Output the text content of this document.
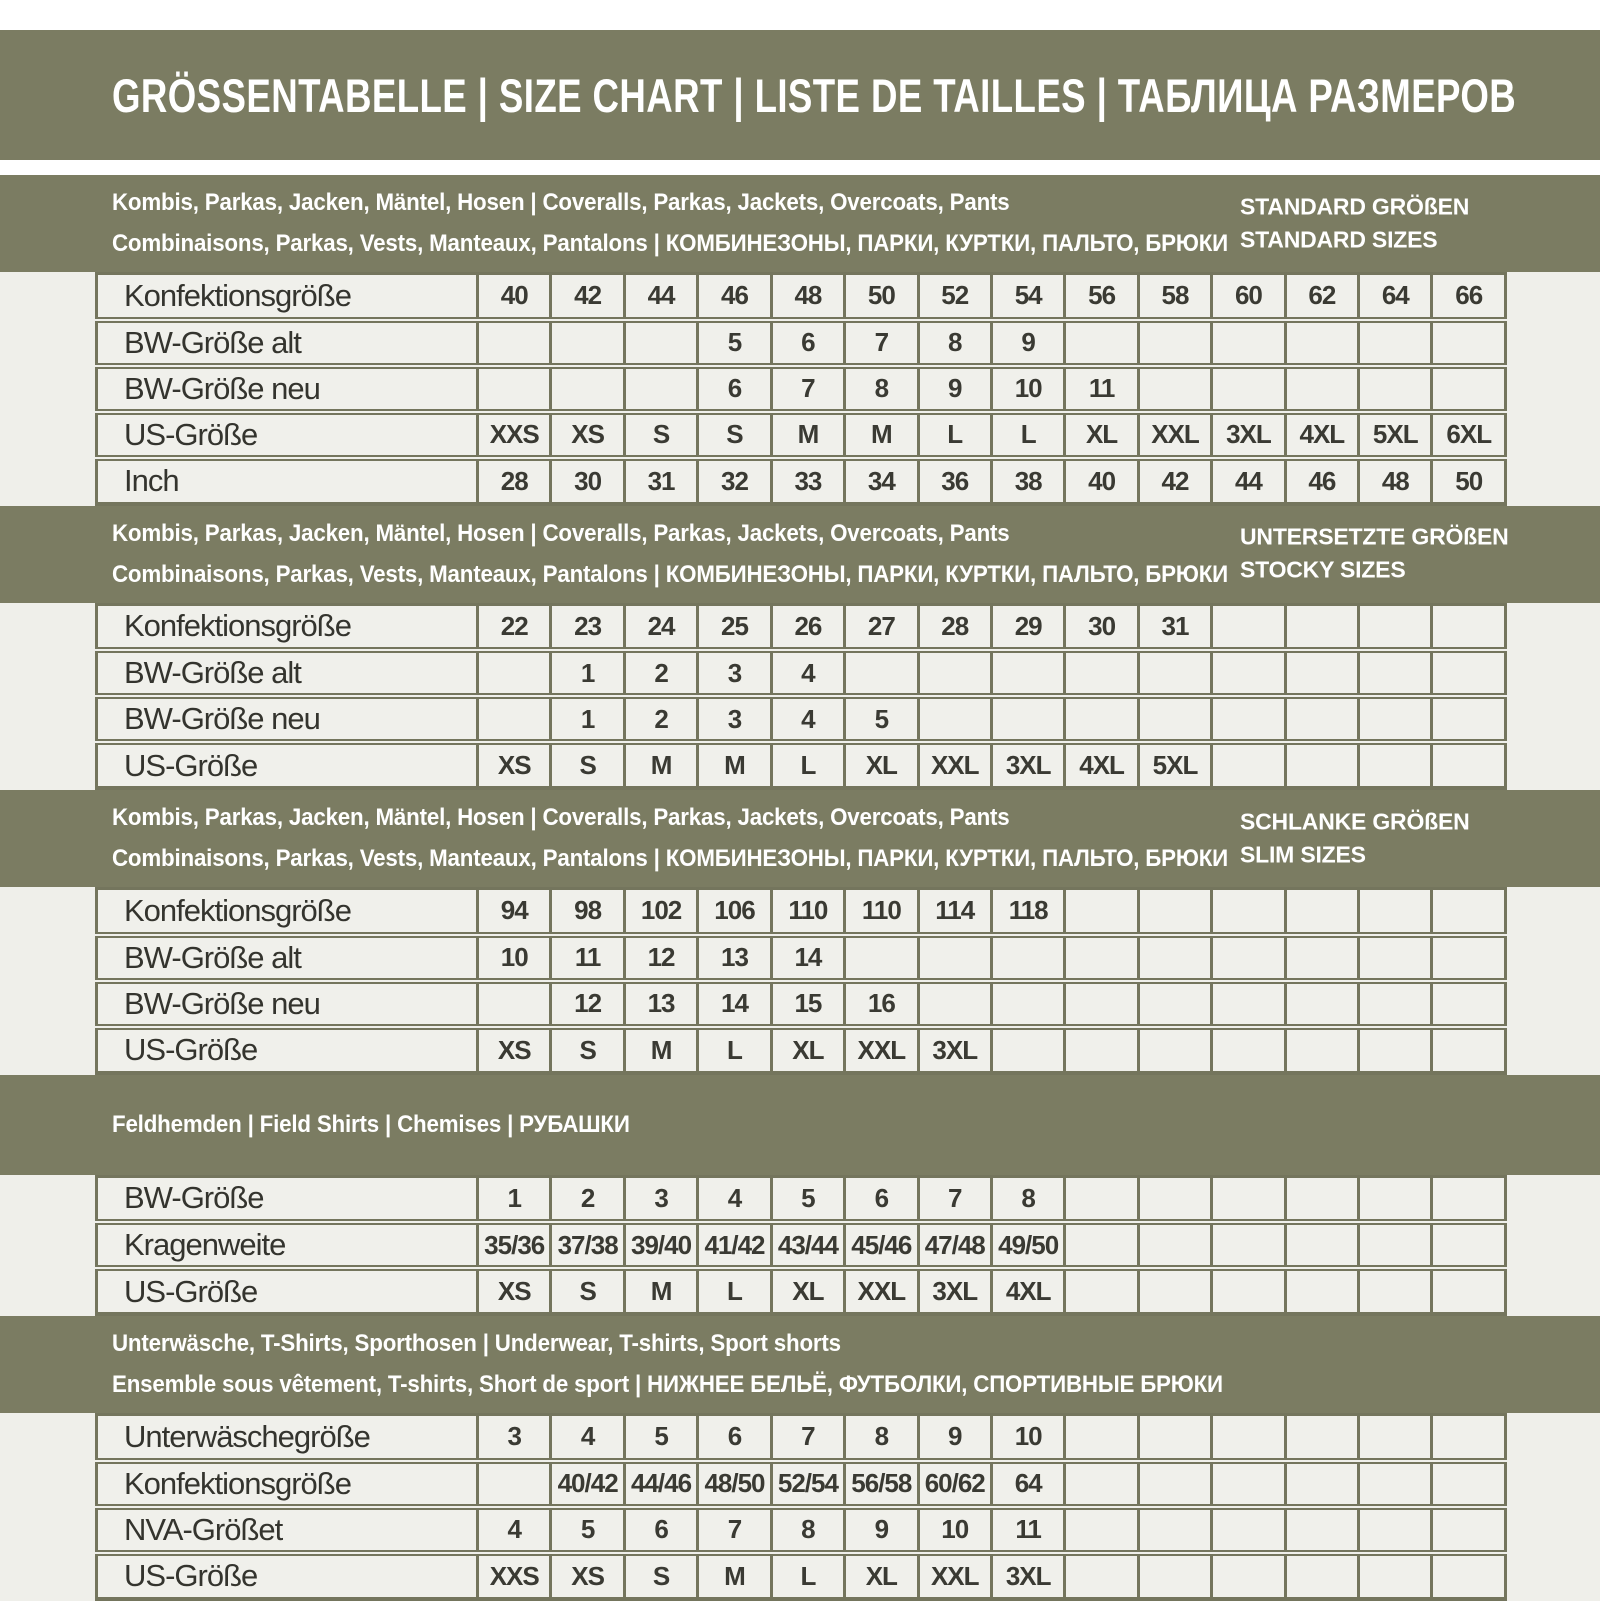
GRÖSSENTABELLE | SIZE CHART | LISTE DE TAILLES | ТАБЛИЦА РАЗМЕРОВ
Kombis, Parkas, Jacken, Mäntel, Hosen | Coveralls, Parkas, Jackets, Overcoats, Pants
Combinaisons, Parkas, Vests, Manteaux, Pantalons | КОМБИНЕЗОНЫ, ПАРКИ, КУРТКИ, ПАЛЬТО, БРЮКИ
STANDARD GRÖßEN
STANDARD SIZES
Konfektionsgröße	40	42	44	46	48	50	52	54	56	58	60	62	64	66
BW-Größe alt				5	6	7	8	9						
BW-Größe neu				6	7	8	9	10	11					
US-Größe	XXS	XS	S	S	M	M	L	L	XL	XXL	3XL	4XL	5XL	6XL
Inch	28	30	31	32	33	34	36	38	40	42	44	46	48	50
Kombis, Parkas, Jacken, Mäntel, Hosen | Coveralls, Parkas, Jackets, Overcoats, Pants
Combinaisons, Parkas, Vests, Manteaux, Pantalons | КОМБИНЕЗОНЫ, ПАРКИ, КУРТКИ, ПАЛЬТО, БРЮКИ
UNTERSETZTE GRÖßEN
STOCKY SIZES
Konfektionsgröße	22	23	24	25	26	27	28	29	30	31				
BW-Größe alt		1	2	3	4									
BW-Größe neu		1	2	3	4	5								
US-Größe	XS	S	M	M	L	XL	XXL	3XL	4XL	5XL				
Kombis, Parkas, Jacken, Mäntel, Hosen | Coveralls, Parkas, Jackets, Overcoats, Pants
Combinaisons, Parkas, Vests, Manteaux, Pantalons | КОМБИНЕЗОНЫ, ПАРКИ, КУРТКИ, ПАЛЬТО, БРЮКИ
SCHLANKE GRÖßEN
SLIM SIZES
Konfektionsgröße	94	98	102	106	110	110	114	118						
BW-Größe alt	10	11	12	13	14									
BW-Größe neu		12	13	14	15	16								
US-Größe	XS	S	M	L	XL	XXL	3XL							
Feldhemden | Field Shirts | Chemises | РУБАШКИ
BW-Größe	1	2	3	4	5	6	7	8						
Kragenweite	35/36	37/38	39/40	41/42	43/44	45/46	47/48	49/50						
US-Größe	XS	S	M	L	XL	XXL	3XL	4XL						
Unterwäsche, T-Shirts, Sporthosen | Underwear, T-shirts, Sport shorts
Ensemble sous vêtement, T-shirts, Short de sport | НИЖНЕЕ БЕЛЬЁ, ФУТБОЛКИ, СПОРТИВНЫЕ БРЮКИ
Unterwäschegröße	3	4	5	6	7	8	9	10						
Konfektionsgröße		40/42	44/46	48/50	52/54	56/58	60/62	64						
NVA-Größet	4	5	6	7	8	9	10	11						
US-Größe	XXS	XS	S	M	L	XL	XXL	3XL						
